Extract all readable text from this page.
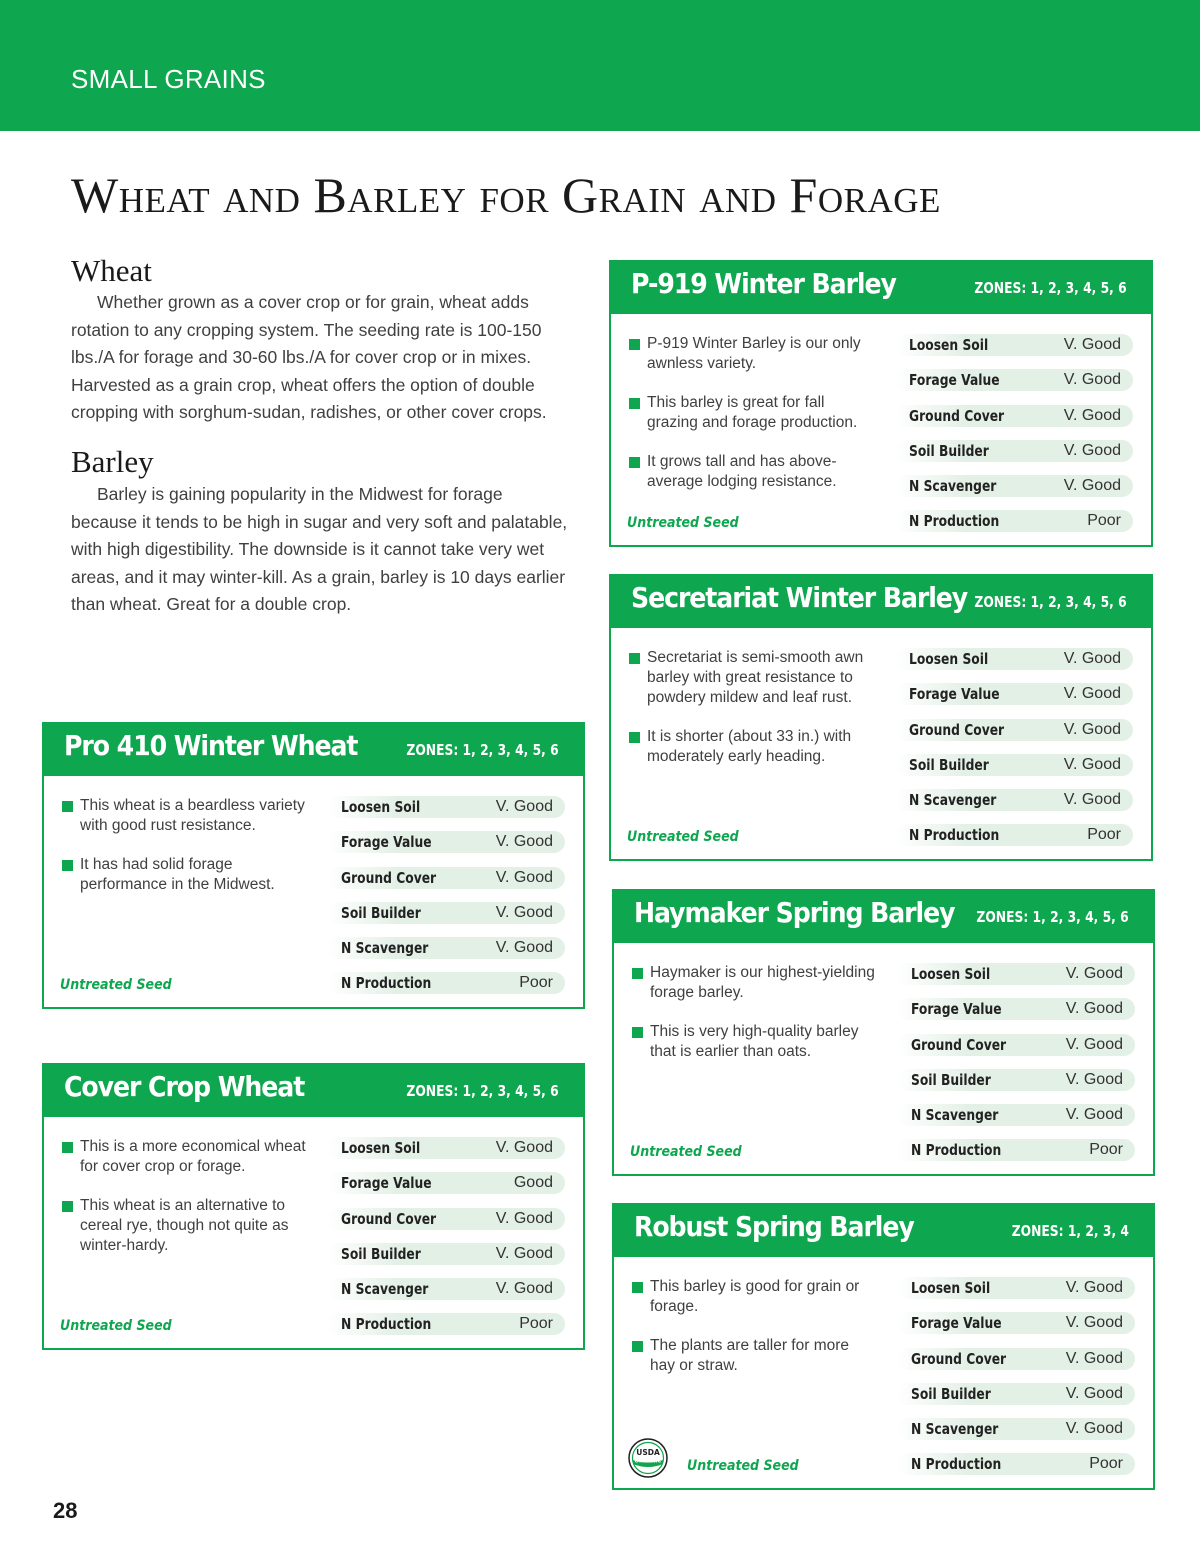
SMALL GRAINS
Wheat and Barley for Grain and Forage
Wheat

Whether grown as a cover crop or for grain, wheat adds rotation to any cropping system. The seeding rate is 100-150 lbs./A for forage and 30-60 lbs./A for cover crop or in mixes. Harvested as a grain crop, wheat offers the option of double cropping with sorghum-sudan, radishes, or other cover crops.

Barley

Barley is gaining popularity in the Midwest for forage because it tends to be high in sugar and very soft and palatable, with high digestibility. The downside is it cannot take very wet areas, and it may winter-kill. As a grain, barley is 10 days earlier than wheat. Great for a double crop.

P-919 Winter Barley	ZONES: 1, 2, 3, 4, 5, 6
P-919 Winter Barley is our only awnless variety.
This barley is great for fall grazing and forage production.
It grows tall and has above-average lodging resistance.
Untreated Seed
Loosen Soil	V. Good
Forage Value	V. Good
Ground Cover	V. Good
Soil Builder	V. Good
N Scavenger	V. Good
N Production	Poor
Secretariat Winter Barley ZONES: 1, 2, 3, 4, 5, 6
Secretariat is semi-smooth awn barley with great resistance to powdery mildew and leaf rust.
It is shorter (about 33 in.) with moderately early heading.
Untreated Seed
Loosen Soil	V. Good
Forage Value	V. Good
Ground Cover	V. Good
Soil Builder	V. Good
N Scavenger	V. Good
N Production	Poor
Pro 410 Winter Wheat	ZONES: 1, 2, 3, 4, 5, 6
This wheat is a beardless variety with good rust resistance.
It has had solid forage performance in the Midwest.
Untreated Seed
Loosen Soil	V. Good
Forage Value	V. Good
Ground Cover	V. Good
Soil Builder	V. Good
N Scavenger	V. Good
N Production	Poor
Haymaker Spring Barley ZONES: 1, 2, 3, 4, 5, 6
Haymaker is our highest-yielding forage barley.
This is very high-quality barley that is earlier than oats.
Untreated Seed
Loosen Soil	V. Good
Forage Value	V. Good
Ground Cover	V. Good
Soil Builder	V. Good
N Scavenger	V. Good
N Production	Poor
Cover Crop Wheat	ZONES: 1, 2, 3, 4, 5, 6
This is a more economical wheat for cover crop or forage.
This wheat is an alternative to cereal rye, though not quite as winter-hardy.
Untreated Seed
Loosen Soil	V. Good
Forage Value	Good
Ground Cover	V. Good
Soil Builder	V. Good
N Scavenger	V. Good
N Production	Poor
Robust Spring Barley	ZONES: 1, 2, 3, 4
This barley is good for grain or forage.
The plants are taller for more hay or straw.
USDA
ORGANIC Untreated Seed
Loosen Soil	V. Good
Forage Value	V. Good
Ground Cover	V. Good
Soil Builder	V. Good
N Scavenger	V. Good
N Production	Poor
28
